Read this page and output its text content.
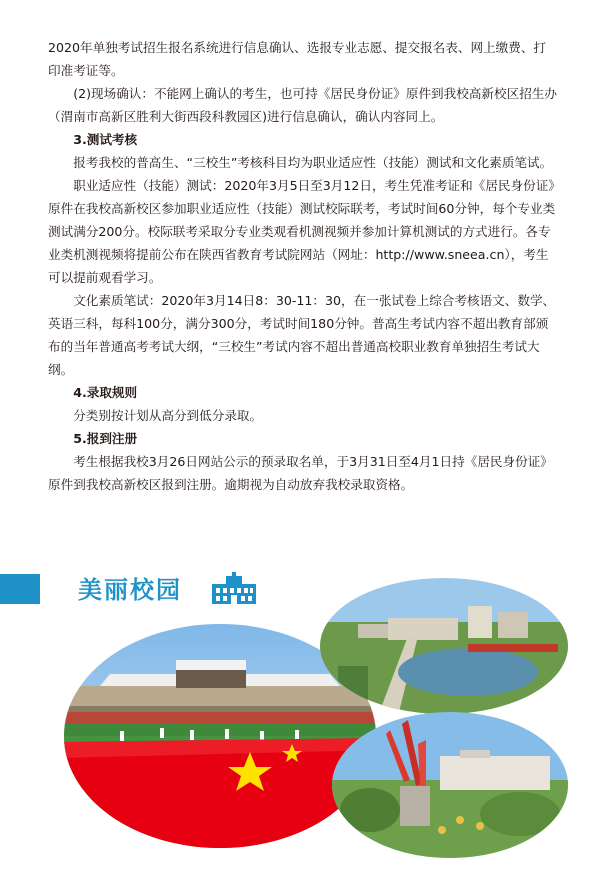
2020年单独考试招生报名系统进行信息确认、选报专业志愿、提交报名表、网上缴费、打印准考证等。

(2)现场确认：不能网上确认的考生，也可持《居民身份证》原件到我校高新校区招生办（渭南市高新区胜利大街西段科教园区)进行信息确认，确认内容同上。

3.测试考核

报考我校的普高生、“三校生”考核科目均为职业适应性（技能）测试和文化素质笔试。

职业适应性（技能）测试：2020年3月5日至3月12日，考生凭准考证和《居民身份证》原件在我校高新校区参加职业适应性（技能）测试校际联考，考试时间60分钟，每个专业类测试满分200分。校际联考采取分专业类观看机测视频并参加计算机测试的方式进行。各专业类机测视频将提前公布在陕西省教育考试院网站（网址：http://www.sneea.cn），考生可以提前观看学习。

文化素质笔试：2020年3月14日8：30-11：30，在一张试卷上综合考核语文、数学、英语三科，每科100分，满分300分，考试时间180分钟。普高生考试内容不超出教育部颁布的当年普通高考考试大纲，“三校生”考试内容不超出普通高校职业教育单独招生考试大纲。

4.录取规则

分类别按计划从高分到低分录取。

5.报到注册

考生根据我校3月26日网站公示的预录取名单，于3月31日至4月1日持《居民身份证》原件到我校高新校区报到注册。逾期视为自动放弃我校录取资格。

美丽校园
